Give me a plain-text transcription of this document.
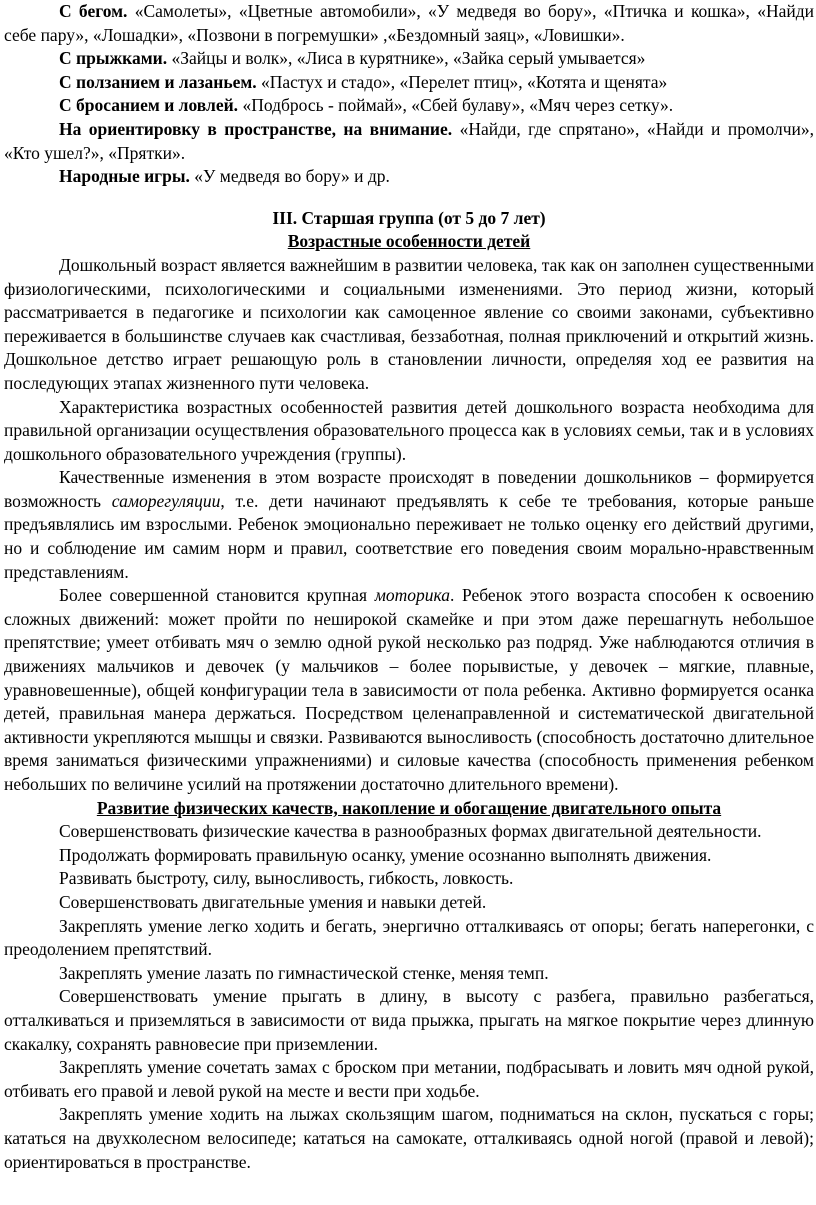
С бегом. «Самолеты», «Цветные автомобили», «У медведя во бору», «Птичка и кошка», «Найди себе пару», «Лошадки», «Позвони в погремушки» ,«Бездомный заяц», «Ловишки».

С прыжками. «Зайцы и волк», «Лиса в курятнике», «Зайка серый умывается»

С ползанием и лазаньем. «Пастух и стадо», «Перелет птиц», «Котята и щенята»

С бросанием и ловлей. «Подбрось - поймай», «Сбей булаву», «Мяч через сетку».

На ориентировку в пространстве, на внимание. «Найди, где спрятано», «Найди и промолчи», «Кто ушел?», «Прятки».

Народные игры. «У медведя во бору» и др.

III. Старшая группа (от 5 до 7 лет)

Возрастные особенности детей

Дошкольный возраст является важнейшим в развитии человека, так как он заполнен существенными физиологическими, психологическими и социальными изменениями. Это период жизни, который рассматривается в педагогике и психологии как самоценное явление со своими законами, субъективно переживается в большинстве случаев как счастливая, беззаботная, полная приключений и открытий жизнь. Дошкольное детство играет решающую роль в становлении личности, определяя ход ее развития на последующих этапах жизненного пути человека.

Характеристика возрастных особенностей развития детей дошкольного возраста необходима для правильной организации осуществления образовательного процесса как в условиях семьи, так и в условиях дошкольного образовательного учреждения (группы).

Качественные изменения в этом возрасте происходят в поведении дошкольников – формируется возможность саморегуляции, т.е. дети начинают предъявлять к себе те требования, которые раньше предъявлялись им взрослыми. Ребенок эмоционально переживает не только оценку его действий другими, но и соблюдение им самим норм и правил, соответствие его поведения своим морально-нравственным представлениям.

Более совершенной становится крупная моторика. Ребенок этого возраста способен к освоению сложных движений: может пройти по неширокой скамейке и при этом даже перешагнуть небольшое препятствие; умеет отбивать мяч о землю одной рукой несколько раз подряд. Уже наблюдаются отличия в движениях мальчиков и девочек (у мальчиков – более порывистые, у девочек – мягкие, плавные, уравновешенные), общей конфигурации тела в зависимости от пола ребенка. Активно формируется осанка детей, правильная манера держаться. Посредством целенаправленной и систематической двигательной активности укрепляются мышцы и связки. Развиваются выносливость (способность достаточно длительное время заниматься физическими упражнениями) и силовые качества (способность применения ребенком небольших по величине усилий на протяжении достаточно длительного времени).

Развитие физических качеств, накопление и обогащение двигательного опыта

Совершенствовать физические качества в разнообразных формах двигательной деятельности.

Продолжать формировать правильную осанку, умение осознанно выполнять движения.

Развивать быстроту, силу, выносливость, гибкость, ловкость.

Совершенствовать двигательные умения и навыки детей.

Закреплять умение легко ходить и бегать, энергично отталкиваясь от опоры; бегать наперегонки, с преодолением препятствий.

Закреплять умение лазать по гимнастической стенке, меняя темп.

Совершенствовать умение прыгать в длину, в высоту с разбега, правильно разбегаться, отталкиваться и приземляться в зависимости от вида прыжка, прыгать на мягкое покрытие через длинную скакалку, сохранять равновесие при приземлении.

Закреплять умение сочетать замах с броском при метании, подбрасывать и ловить мяч одной рукой, отбивать его правой и левой рукой на месте и вести при ходьбе.

Закреплять умение ходить на лыжах скользящим шагом, подниматься на склон, пускаться с горы; кататься на двухколесном велосипеде; кататься на самокате, отталкиваясь одной ногой (правой и левой); ориентироваться в пространстве.
